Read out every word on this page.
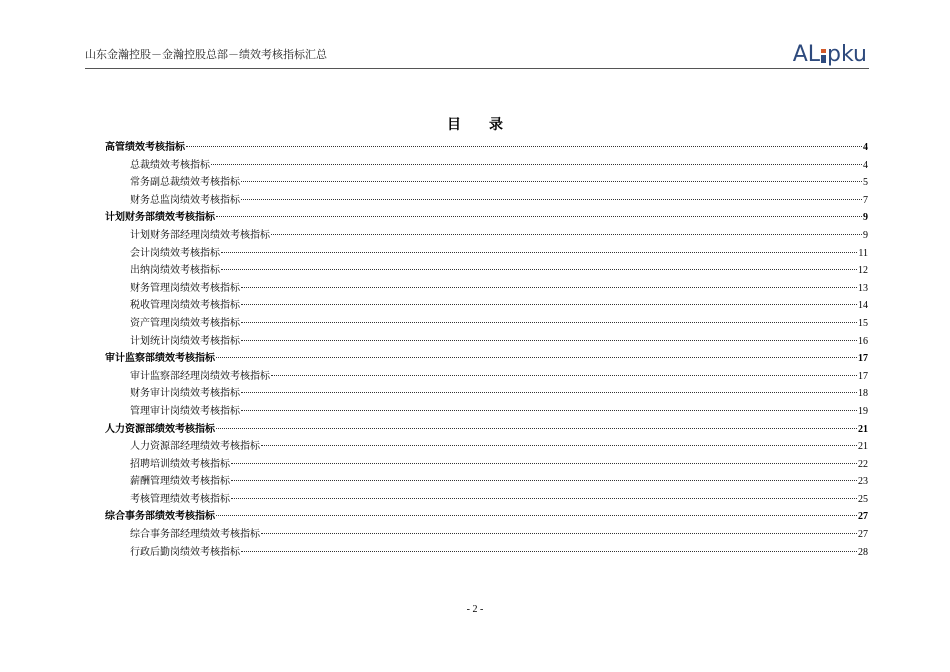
山东金瀚控股－金瀚控股总部－绩效考核指标汇总	AL pku
目　　录
高管绩效考核指标	4
总裁绩效考核指标	4
常务副总裁绩效考核指标	5
财务总监岗绩效考核指标	7
计划财务部绩效考核指标	9
计划财务部经理岗绩效考核指标	9
会计岗绩效考核指标	11
出纳岗绩效考核指标	12
财务管理岗绩效考核指标	13
税收管理岗绩效考核指标	14
资产管理岗绩效考核指标	15
计划统计岗绩效考核指标	16
审计监察部绩效考核指标	17
审计监察部经理岗绩效考核指标	17
财务审计岗绩效考核指标	18
管理审计岗绩效考核指标	19
人力资源部绩效考核指标	21
人力资源部经理绩效考核指标	21
招聘培训绩效考核指标	22
薪酬管理绩效考核指标	23
考核管理绩效考核指标	25
综合事务部绩效考核指标	27
综合事务部经理绩效考核指标	27
行政后勤岗绩效考核指标	28
- 2 -
